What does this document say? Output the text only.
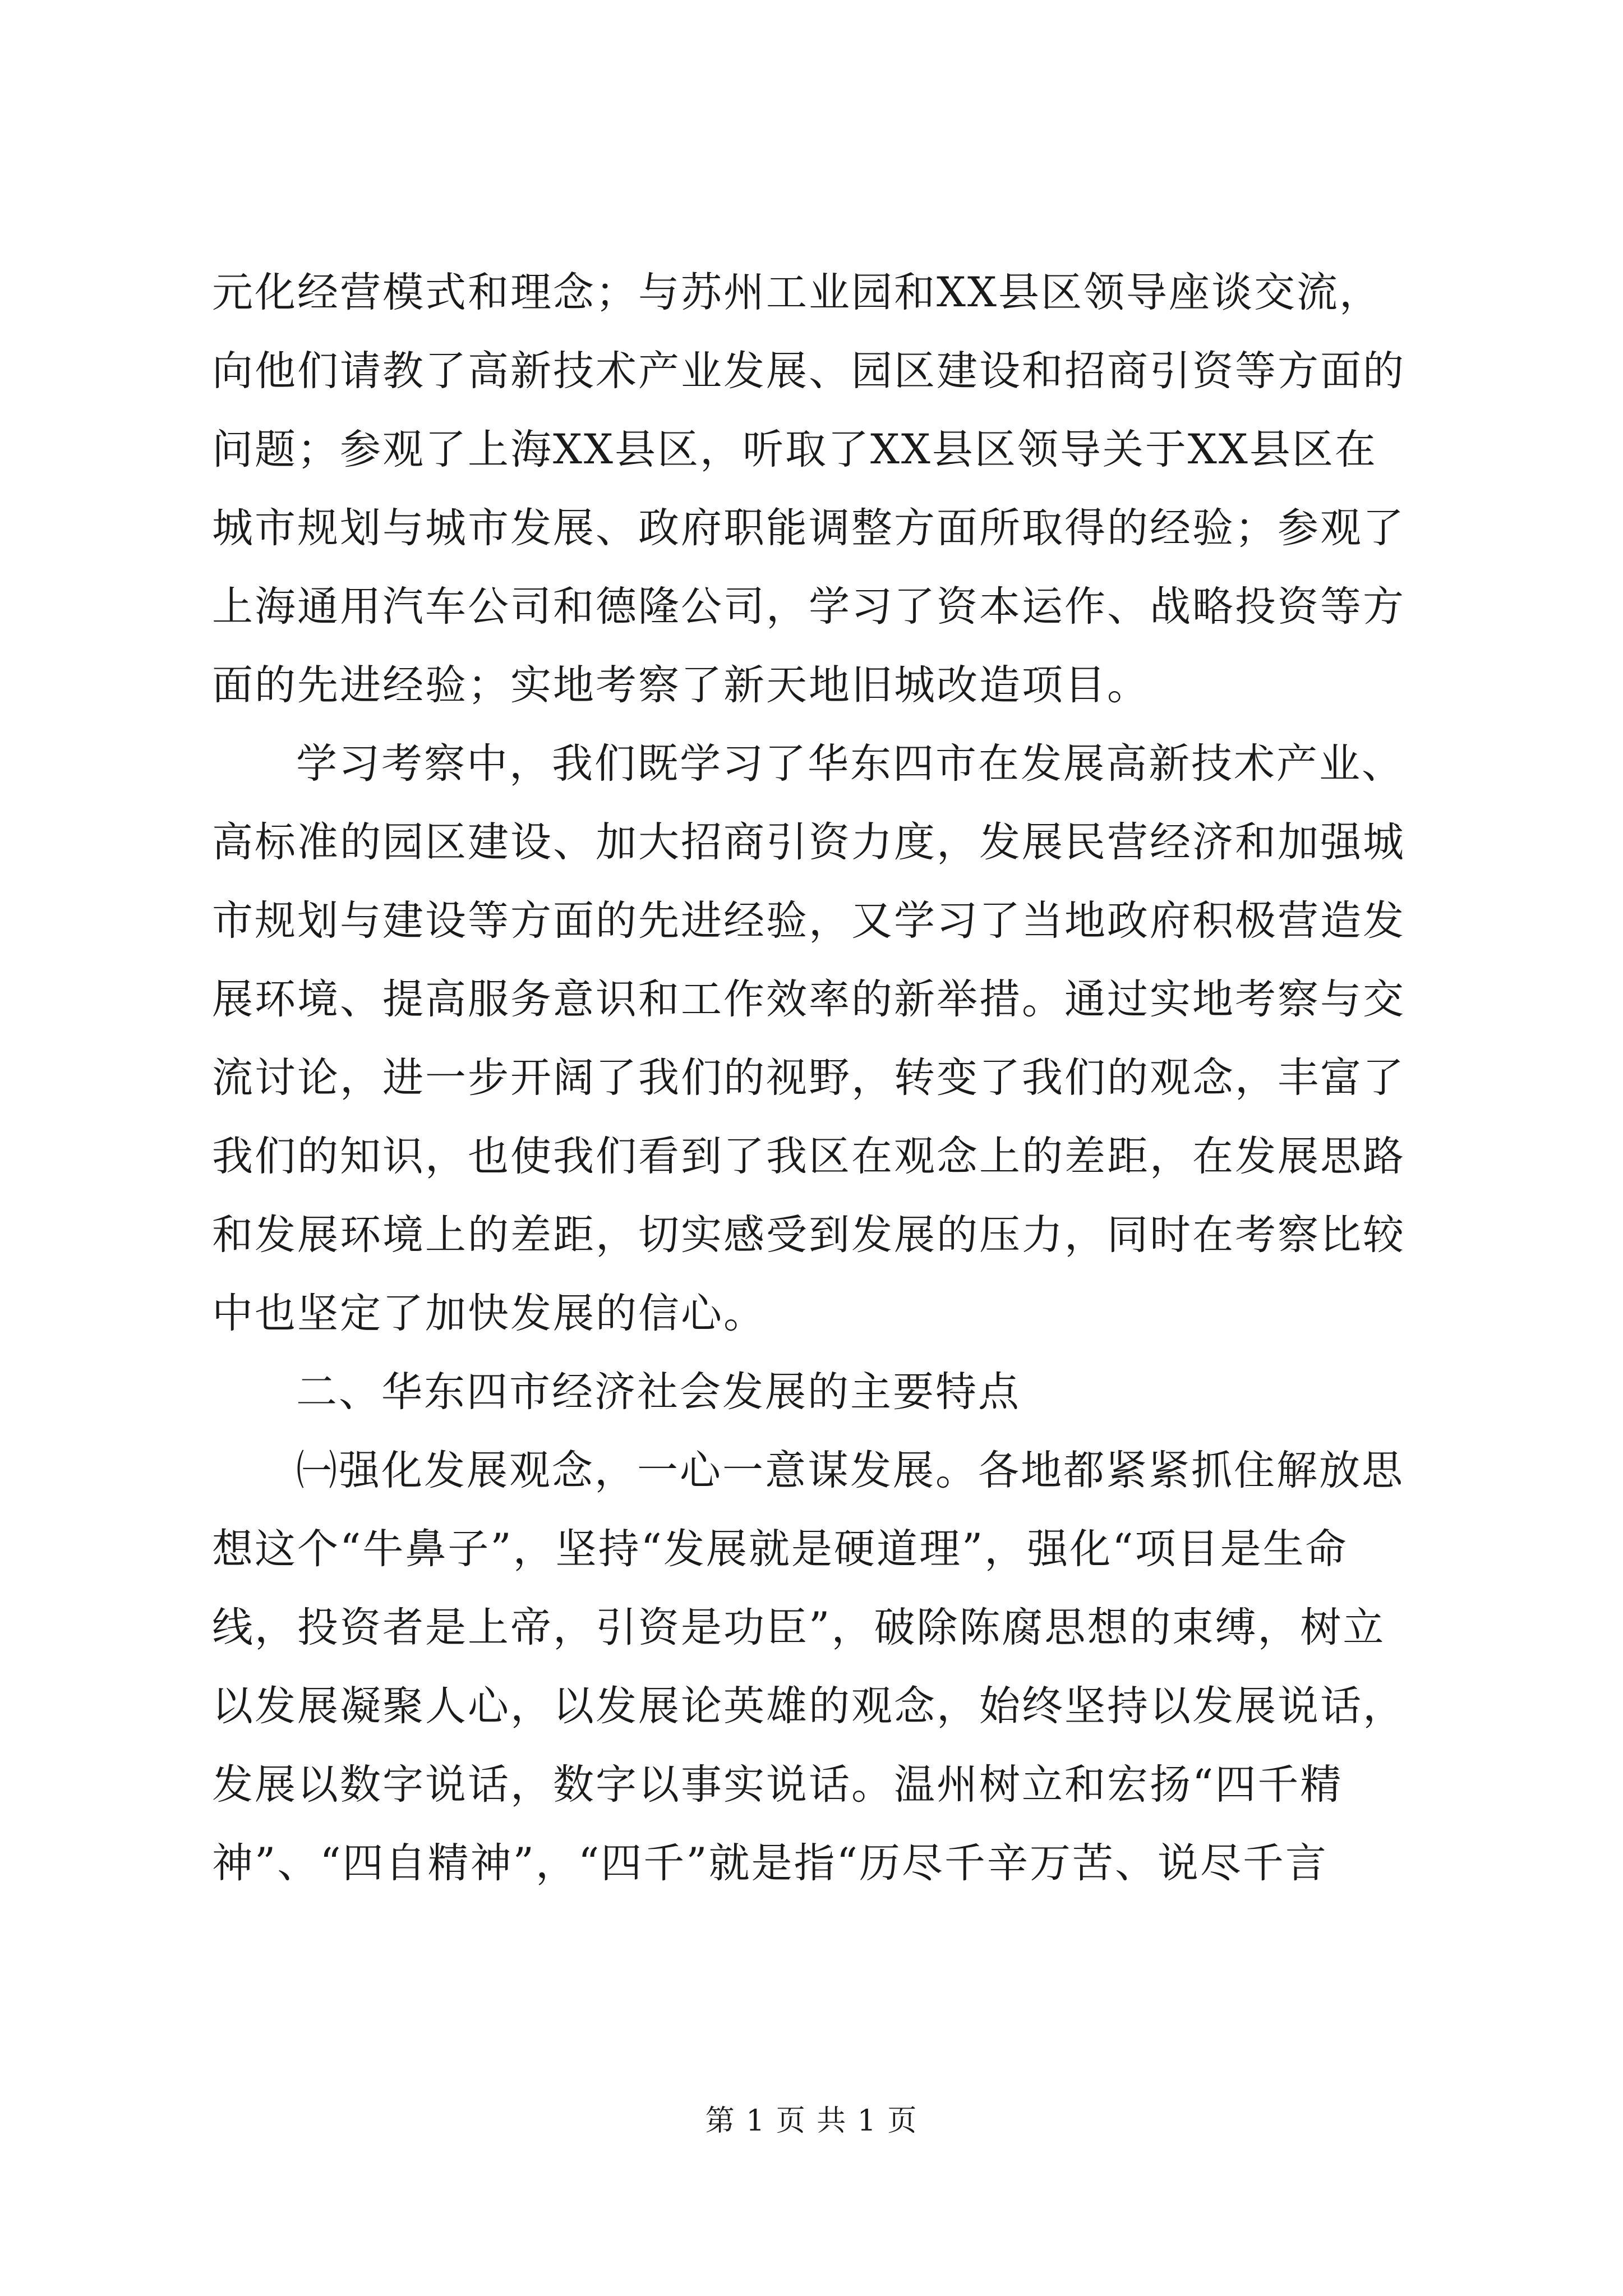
元化经营模式和理念；与苏州工业园和XX县区领导座谈交流，
向他们请教了高新技术产业发展、园区建设和招商引资等方面的
问题；参观了上海XX县区，听取了XX县区领导关于XX县区在
城市规划与城市发展、政府职能调整方面所取得的经验；参观了
上海通用汽车公司和德隆公司，学习了资本运作、战略投资等方
面的先进经验；实地考察了新天地旧城改造项目。
学习考察中，我们既学习了华东四市在发展高新技术产业、
高标准的园区建设、加大招商引资力度，发展民营经济和加强城
市规划与建设等方面的先进经验，又学习了当地政府积极营造发
展环境、提高服务意识和工作效率的新举措。通过实地考察与交
流讨论，进一步开阔了我们的视野，转变了我们的观念，丰富了
我们的知识，也使我们看到了我区在观念上的差距，在发展思路
和发展环境上的差距，切实感受到发展的压力，同时在考察比较
中也坚定了加快发展的信心。
二、华东四市经济社会发展的主要特点
㈠强化发展观念，一心一意谋发展。各地都紧紧抓住解放思
想这个“牛鼻子”，坚持“发展就是硬道理”，强化“项目是生命
线，投资者是上帝，引资是功臣”，破除陈腐思想的束缚，树立
以发展凝聚人心，以发展论英雄的观念，始终坚持以发展说话，
发展以数字说话，数字以事实说话。温州树立和宏扬“四千精
神”、“四自精神”，“四千”就是指“历尽千辛万苦、说尽千言
第 1 页 共 1 页
